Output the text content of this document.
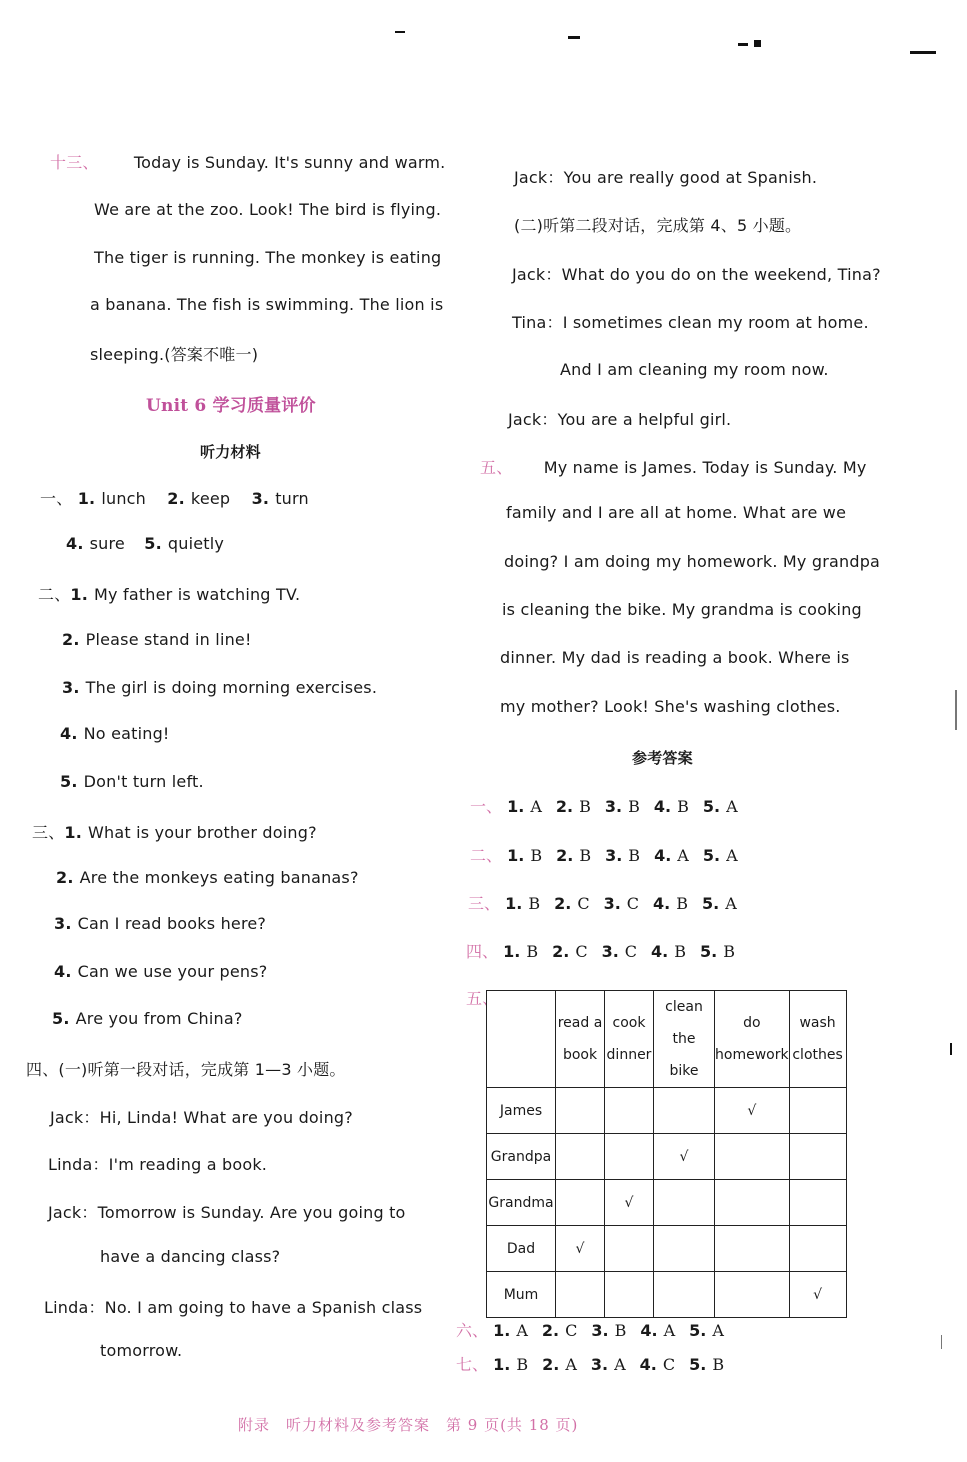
十三、 Today is Sunday. It's sunny and warm.
We are at the zoo. Look! The bird is flying.
The tiger is running. The monkey is eating
a banana. The fish is swimming. The lion is
sleeping.(答案不唯一)
Unit 6 学习质量评价
听力材料
一、 1. lunch 2. keep 3. turn
4. sure 5. quietly
二、1. My father is watching TV.
2. Please stand in line!
3. The girl is doing morning exercises.
4. No eating!
5. Don't turn left.
三、1. What is your brother doing?
2. Are the monkeys eating bananas?
3. Can I read books here?
4. Can we use your pens?
5. Are you from China?
四、(一)听第一段对话，完成第 1—3 小题。
Jack：Hi, Linda! What are you doing?
Linda：I'm reading a book.
Jack：Tomorrow is Sunday. Are you going to
have a dancing class?
Linda：No. I am going to have a Spanish class
tomorrow.
Jack：You are really good at Spanish.
(二)听第二段对话，完成第 4、5 小题。
Jack：What do you do on the weekend, Tina?
Tina：I sometimes clean my room at home.
And I am cleaning my room now.
Jack：You are a helpful girl.
五、 My name is James. Today is Sunday. My
family and I are all at home. What are we
doing? I am doing my homework. My grandpa
is cleaning the bike. My grandma is cooking
dinner. My dad is reading a book. Where is
my mother? Look! She's washing clothes.
参考答案
一、 1. A 2. B 3. B 4. B 5. A
二、 1. B 2. B 3. B 4. A 5. A
三、 1. B 2. C 3. C 4. B 5. A
四、 1. B 2. C 3. C 4. B 5. B
五、
	read a
book	cook
dinner	clean the
bike	do
homework	wash
clothes
James				√	
Grandpa			√		
Grandma		√			
Dad	√				
Mum					√
六、 1. A 2. C 3. B 4. A 5. A
七、 1. B 2. A 3. A 4. C 5. B
附录　听力材料及参考答案　第 9 页(共 18 页)
